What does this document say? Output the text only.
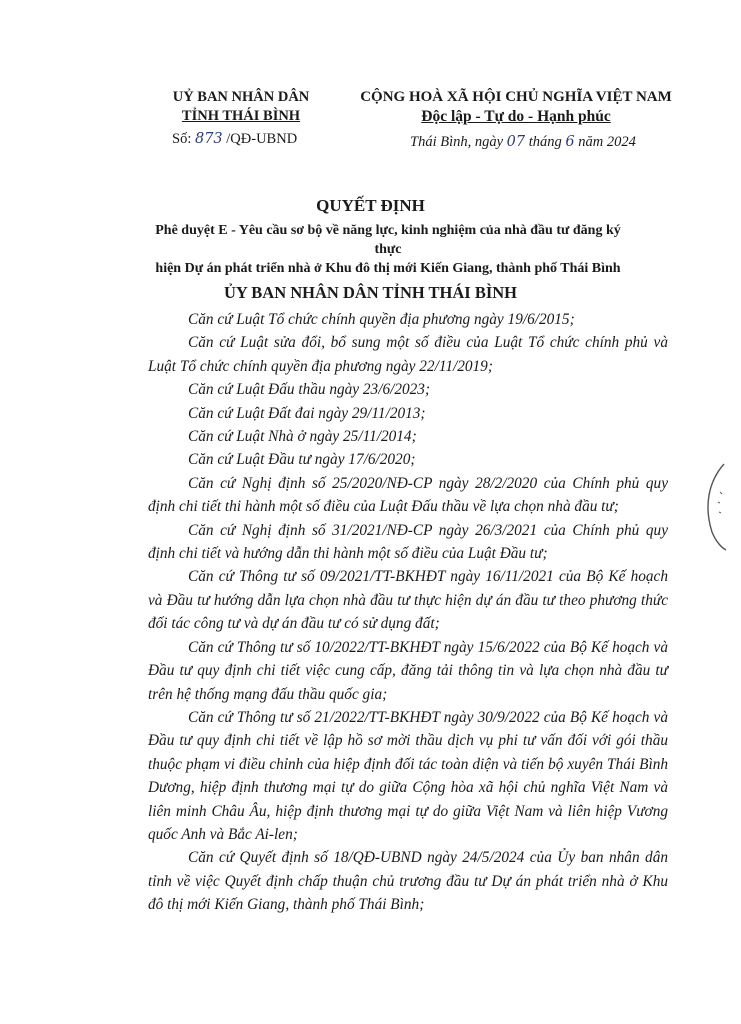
UỶ BAN NHÂN DÂN
TỈNH THÁI BÌNH
Số: 873 /QĐ-UBND
CỘNG HOÀ XÃ HỘI CHỦ NGHĨA VIỆT NAM
Độc lập - Tự do - Hạnh phúc
Thái Bình, ngày 07 tháng 6 năm 2024
QUYẾT ĐỊNH
Phê duyệt E - Yêu cầu sơ bộ về năng lực, kinh nghiệm của nhà đầu tư đăng ký thực
hiện Dự án phát triển nhà ở Khu đô thị mới Kiến Giang, thành phố Thái Bình
ỦY BAN NHÂN DÂN TỈNH THÁI BÌNH

Căn cứ Luật Tổ chức chính quyền địa phương ngày 19/6/2015;

Căn cứ Luật sửa đổi, bổ sung một số điều của Luật Tổ chức chính phủ và Luật Tổ chức chính quyền địa phương ngày 22/11/2019;

Căn cứ Luật Đấu thầu ngày 23/6/2023;

Căn cứ Luật Đất đai ngày 29/11/2013;

Căn cứ Luật Nhà ở ngày 25/11/2014;

Căn cứ Luật Đầu tư ngày 17/6/2020;

Căn cứ Nghị định số 25/2020/NĐ-CP ngày 28/2/2020 của Chính phủ quy định chi tiết thi hành một số điều của Luật Đấu thầu về lựa chọn nhà đầu tư;

Căn cứ Nghị định số 31/2021/NĐ-CP ngày 26/3/2021 của Chính phủ quy định chi tiết và hướng dẫn thi hành một số điều của Luật Đầu tư;

Căn cứ Thông tư số 09/2021/TT-BKHĐT ngày 16/11/2021 của Bộ Kế hoạch và Đầu tư hướng dẫn lựa chọn nhà đầu tư thực hiện dự án đầu tư theo phương thức đối tác công tư và dự án đầu tư có sử dụng đất;

Căn cứ Thông tư số 10/2022/TT-BKHĐT ngày 15/6/2022 của Bộ Kế hoạch và Đầu tư quy định chi tiết việc cung cấp, đăng tải thông tin và lựa chọn nhà đầu tư trên hệ thống mạng đấu thầu quốc gia;

Căn cứ Thông tư số 21/2022/TT-BKHĐT ngày 30/9/2022 của Bộ Kế hoạch và Đầu tư quy định chi tiết về lập hồ sơ mời thầu dịch vụ phi tư vấn đối với gói thầu thuộc phạm vi điều chỉnh của hiệp định đối tác toàn diện và tiến bộ xuyên Thái Bình Dương, hiệp định thương mại tự do giữa Cộng hòa xã hội chủ nghĩa Việt Nam và liên minh Châu Âu, hiệp định thương mại tự do giữa Việt Nam và liên hiệp Vương quốc Anh và Bắc Ai-len;

Căn cứ Quyết định số 18/QĐ-UBND ngày 24/5/2024 của Ủy ban nhân dân tỉnh về việc Quyết định chấp thuận chủ trương đầu tư Dự án phát triển nhà ở Khu đô thị mới Kiến Giang, thành phố Thái Bình;
